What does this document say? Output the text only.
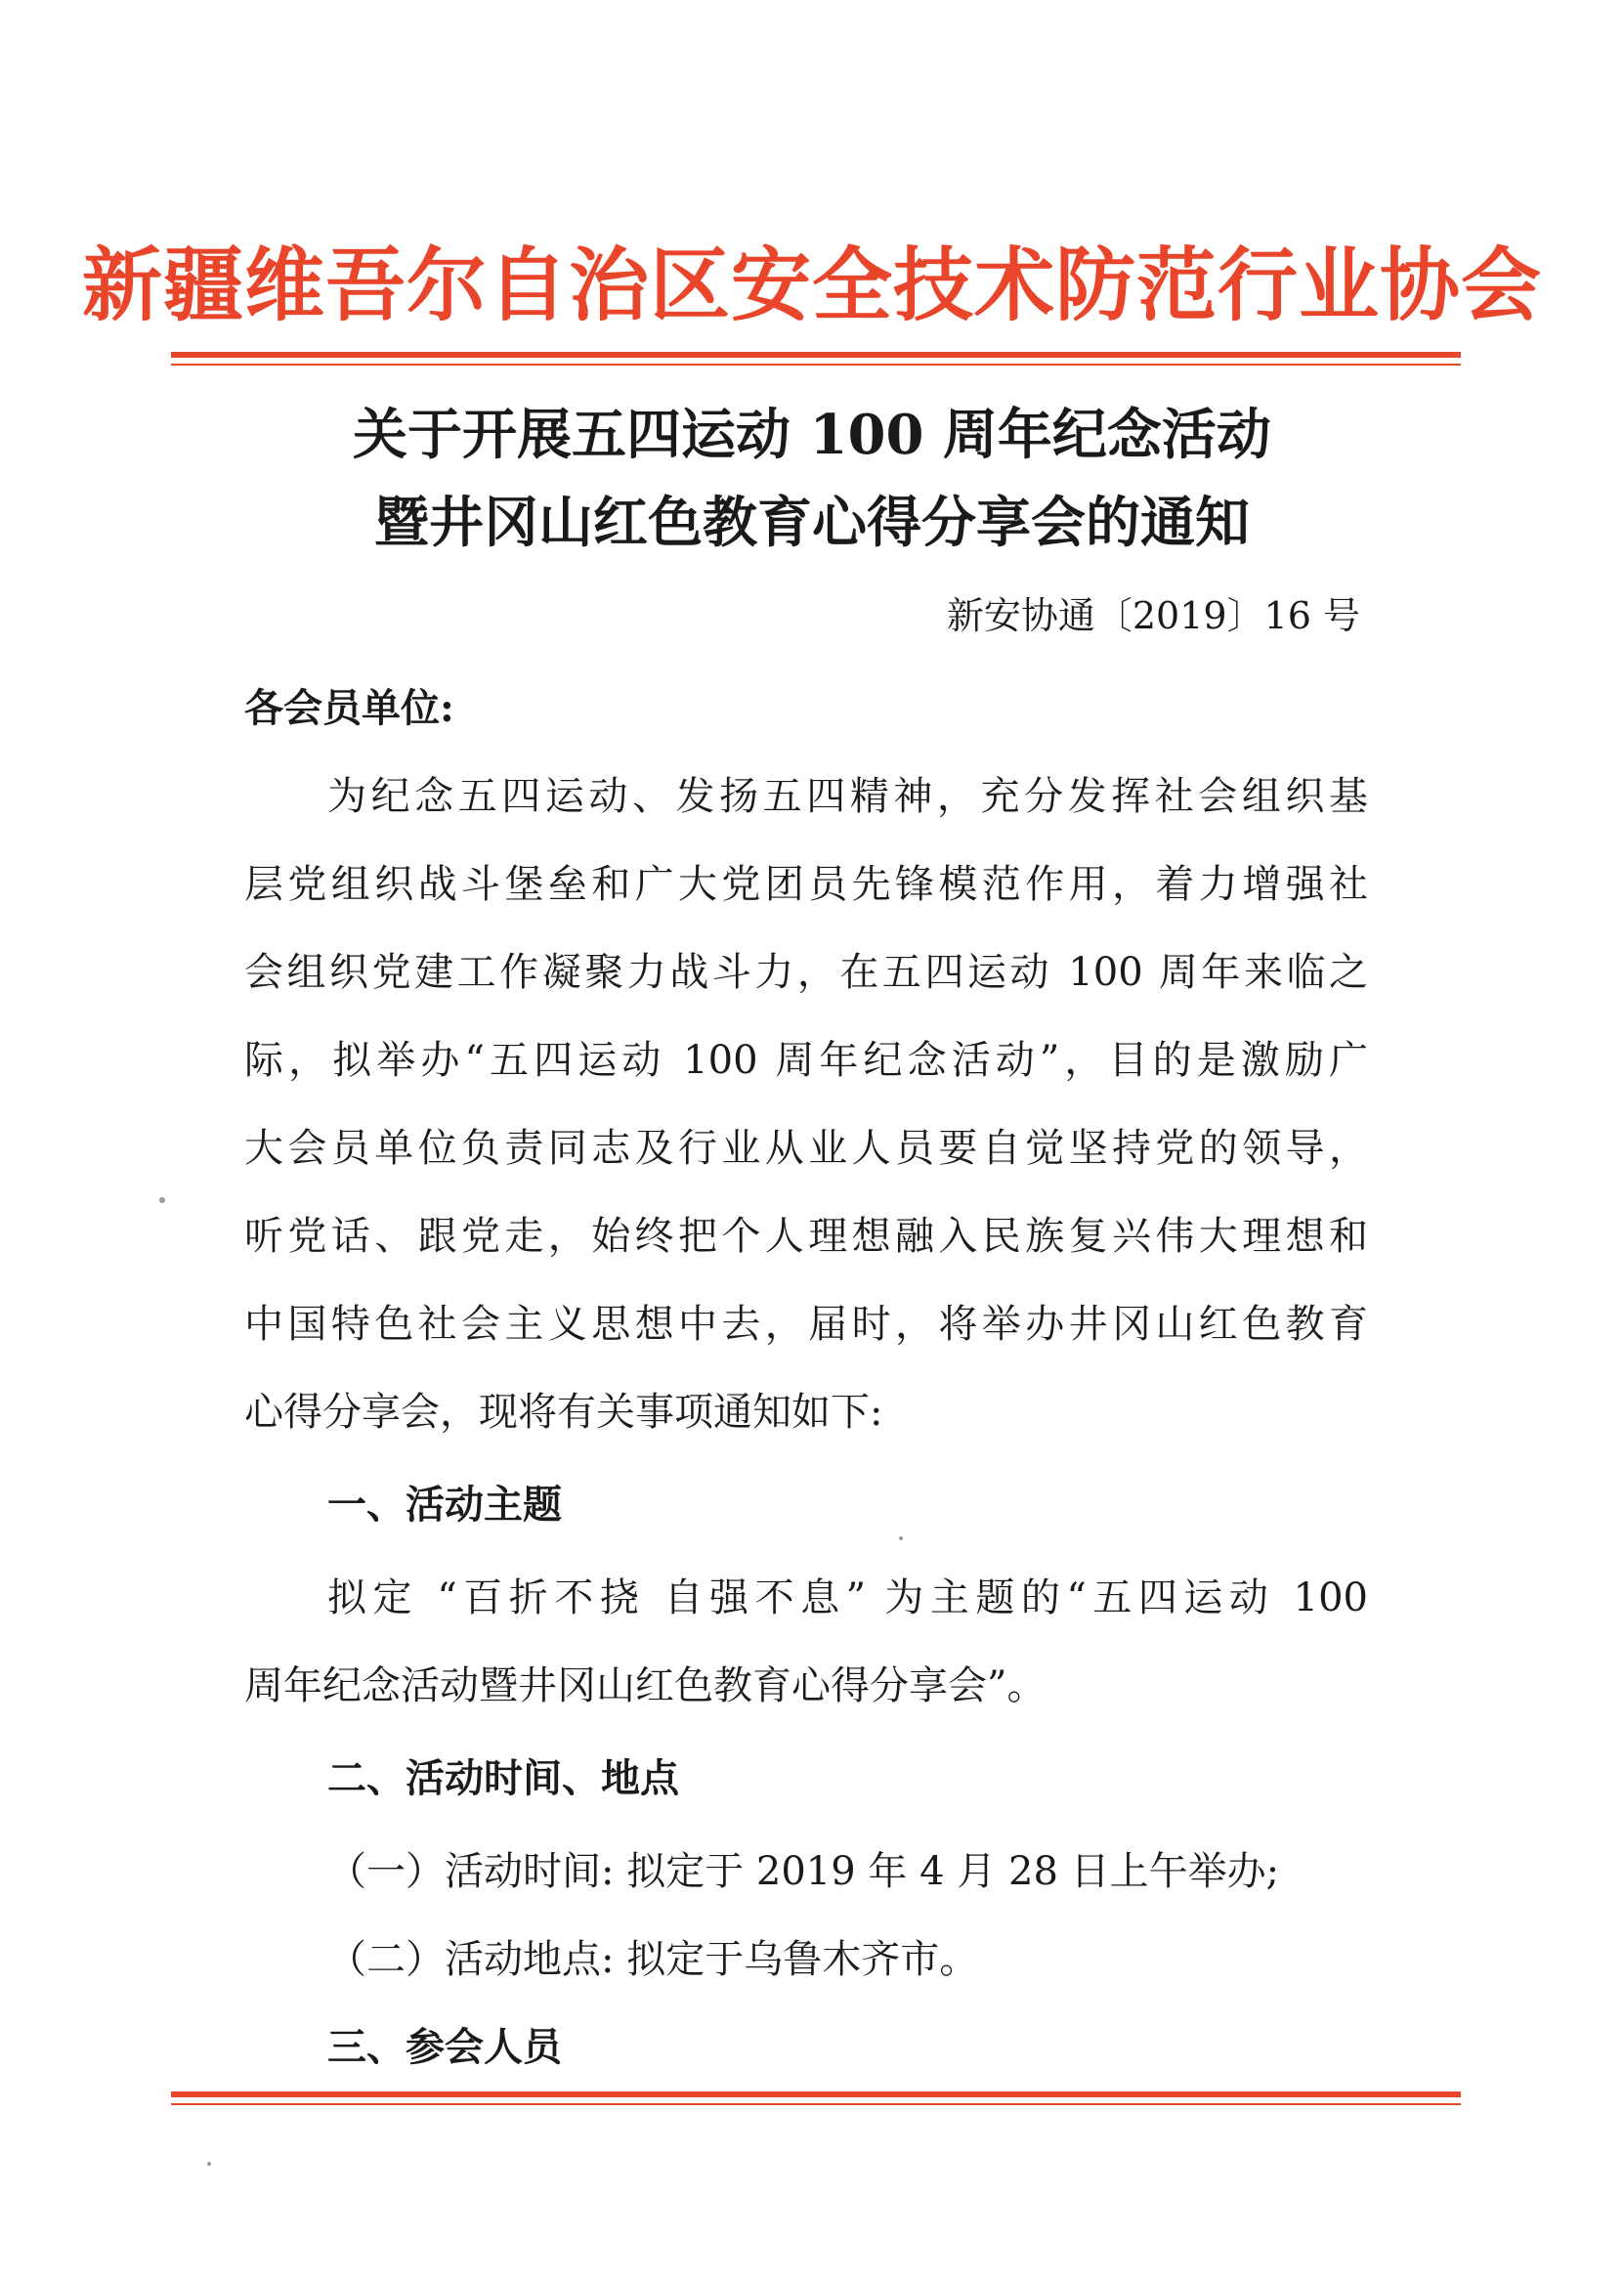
新疆维吾尔自治区安全技术防范行业协会
关于开展五四运动 100 周年纪念活动
暨井冈山红色教育心得分享会的通知
新安协通〔2019〕16 号
各会员单位:
为纪念五四运动、发扬五四精神，充分发挥社会组织基
层党组织战斗堡垒和广大党团员先锋模范作用，着力增强社
会组织党建工作凝聚力战斗力，在五四运动 100 周年来临之
际，拟举办“五四运动 100 周年纪念活动”，目的是激励广
大会员单位负责同志及行业从业人员要自觉坚持党的领导，
听党话、跟党走，始终把个人理想融入民族复兴伟大理想和
中国特色社会主义思想中去，届时，将举办井冈山红色教育
心得分享会，现将有关事项通知如下:
一、活动主题
拟定 “百折不挠 自强不息” 为主题的“五四运动 100
周年纪念活动暨井冈山红色教育心得分享会”。
二、活动时间、地点
（一）活动时间: 拟定于 2019 年 4 月 28 日上午举办;
（二）活动地点: 拟定于乌鲁木齐市。
三、参会人员
